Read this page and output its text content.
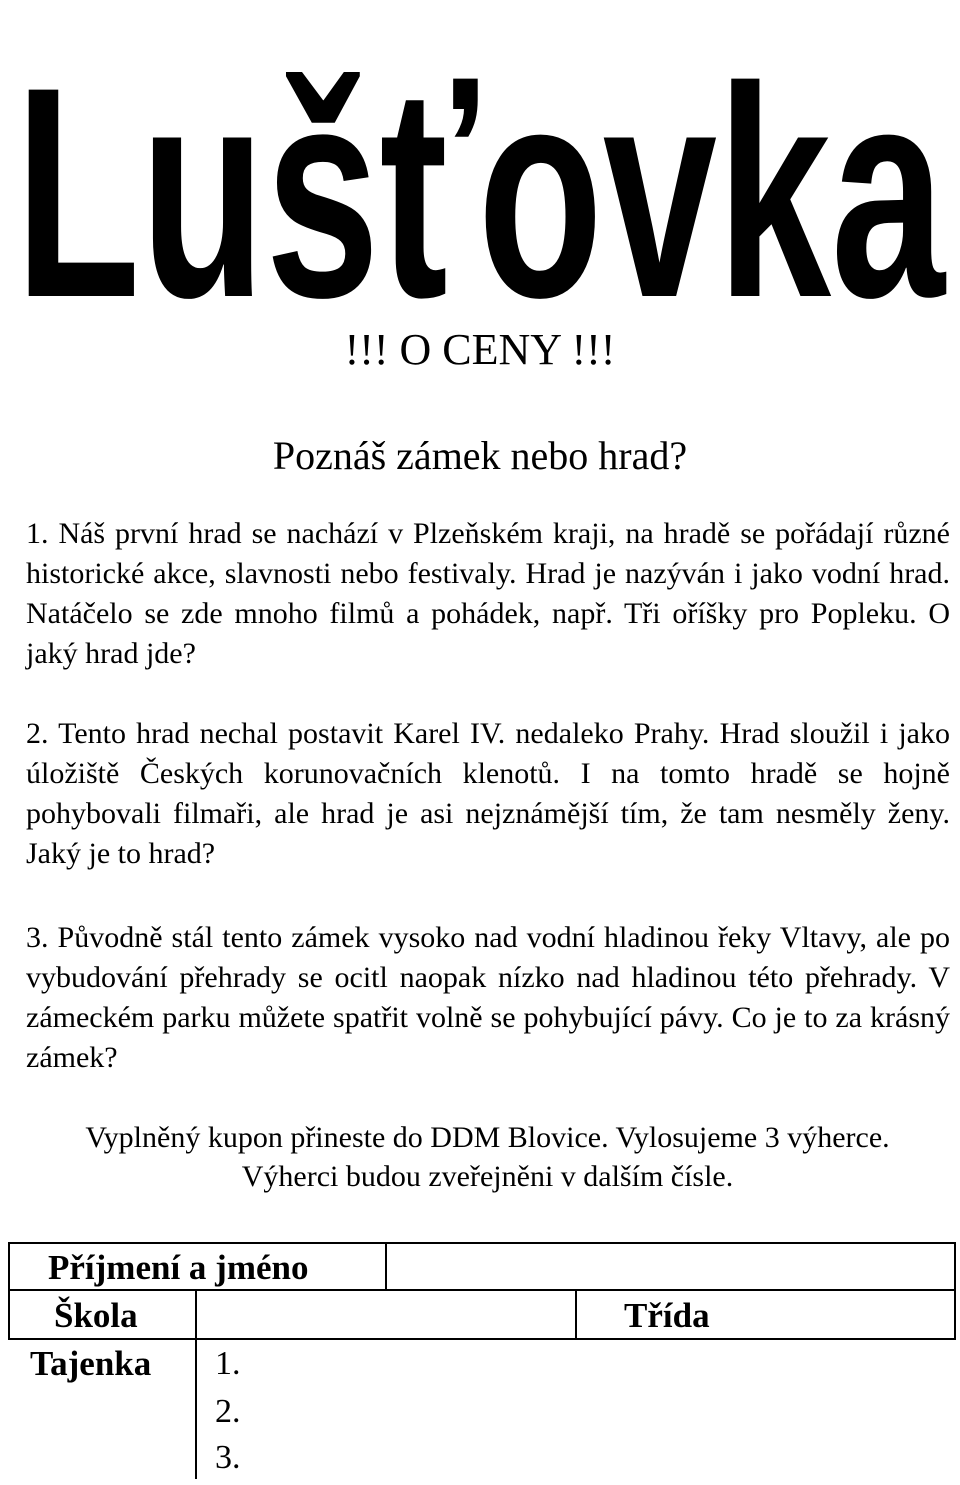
Lušťovka
!!! O CENY !!!
Poznáš zámek nebo hrad?

1. Náš první hrad se nachází v Plzeňském kraji, na hradě se pořádají různé historické akce, slavnosti nebo festivaly. Hrad je nazýván i jako vodní hrad. Natáčelo se zde mnoho filmů a pohádek, např. Tři oříšky pro Popleku. O jaký hrad jde?

2. Tento hrad nechal postavit Karel IV. nedaleko Prahy. Hrad sloužil i jako úložiště Českých korunovačních klenotů. I na tomto hradě se hojně pohybovali filmaři, ale hrad je asi nejznámější tím, že tam nesměly ženy. Jaký je to hrad?

3. Původně stál tento zámek vysoko nad vodní hladinou řeky Vltavy, ale po vybudování přehrady se ocitl naopak nízko nad hladinou této přehrady. V zámeckém parku můžete spatřit volně se pohybující pávy. Co je to za krásný zámek?

Vyplněný kupon přineste do DDM Blovice. Vylosujeme 3 výherce.
Výherci budou zveřejněni v dalším čísle.
Příjmení a jméno
Škola	Třída
Tajenka 1.
2.
3.
